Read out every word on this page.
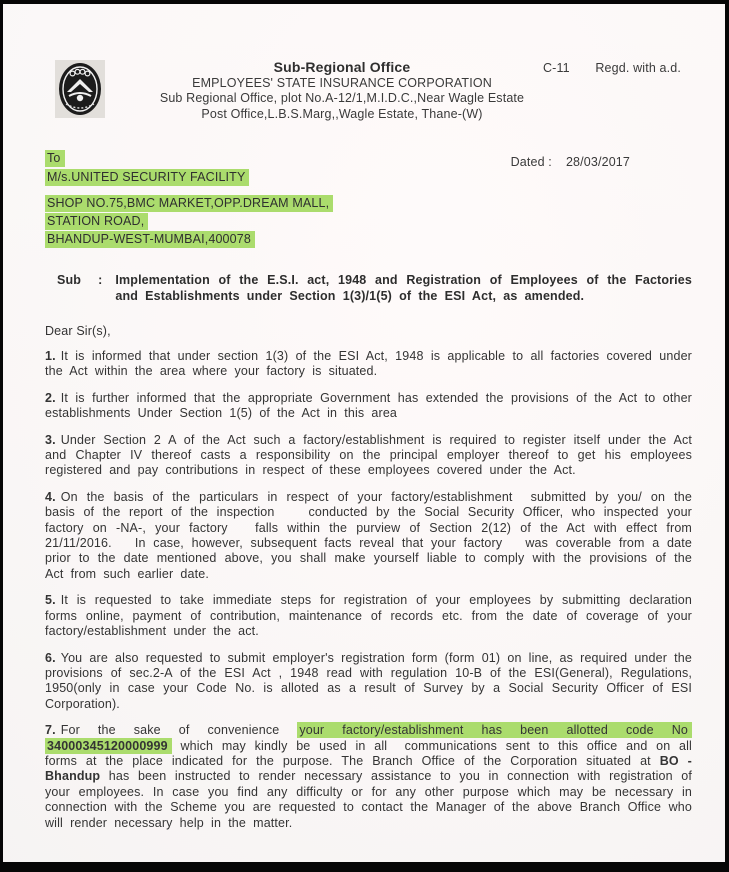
Sub-Regional Office
EMPLOYEES' STATE INSURANCE CORPORATION
Sub Regional Office, plot No.A-12/1,M.I.D.C.,Near Wagle Estate
Post Office,L.B.S.Marg,,Wagle Estate, Thane-(W)
C-11 Regd. with a.d.
To
M/s.UNITED SECURITY FACILITY
SHOP NO.75,BMC MARKET,OPP.DREAM MALL,
STATION ROAD,
BHANDUP-WEST-MUMBAI,400078
Dated : 28/03/2017
Sub : Implementation of the E.S.I. act, 1948 and Registration of Employees of the Factories and Establishments under Section 1(3)/1(5) of the ESI Act, as amended.
Dear Sir(s),
1. It is informed that under section 1(3) of the ESI Act, 1948 is applicable to all factories covered under the Act within the area where your factory is situated.
2. It is further informed that the appropriate Government has extended the provisions of the Act to other establishments Under Section 1(5) of the Act in this area
3. Under Section 2 A of the Act such a factory/establishment is required to register itself under the Act and Chapter IV thereof casts a responsibility on the principal employer thereof to get his employees registered and pay contributions in respect of these employees covered under the Act.
4. On the basis of the particulars in respect of your factory/establishment  submitted by you/ on the basis of the report of the inspection    conducted by the Social Security Officer, who inspected your factory on -NA-, your factory   falls within the purview of Section 2(12) of the Act with effect from 21/11/2016.   In case, however, subsequent facts reveal that your factory   was coverable from a date prior to the date mentioned above, you shall make yourself liable to comply with the provisions of the Act from such earlier date.
5. It is requested to take immediate steps for registration of your employees by submitting declaration forms online, payment of contribution, maintenance of records etc. from the date of coverage of your factory/establishment under the act.
6. You are also requested to submit employer's registration form (form 01) on line, as required under the provisions of sec.2-A of the ESI Act , 1948 read with regulation 10-B of the ESI(General), Regulations, 1950(only in case your Code No. is alloted as a result of Survey by a Social Security Officer of ESI Corporation).
7. For the sake of convenience your factory/establishment has been allotted code No 34000345120000999 which may kindly be used in all  communications sent to this office and on all forms at the place indicated for the purpose. The Branch Office of the Corporation situated at BO - Bhandup has been instructed to render necessary assistance to you in connection with registration of your employees. In case you find any difficulty or for any other purpose which may be necessary in connection with the Scheme you are requested to contact the Manager of the above Branch Office who will render necessary help in the matter.
